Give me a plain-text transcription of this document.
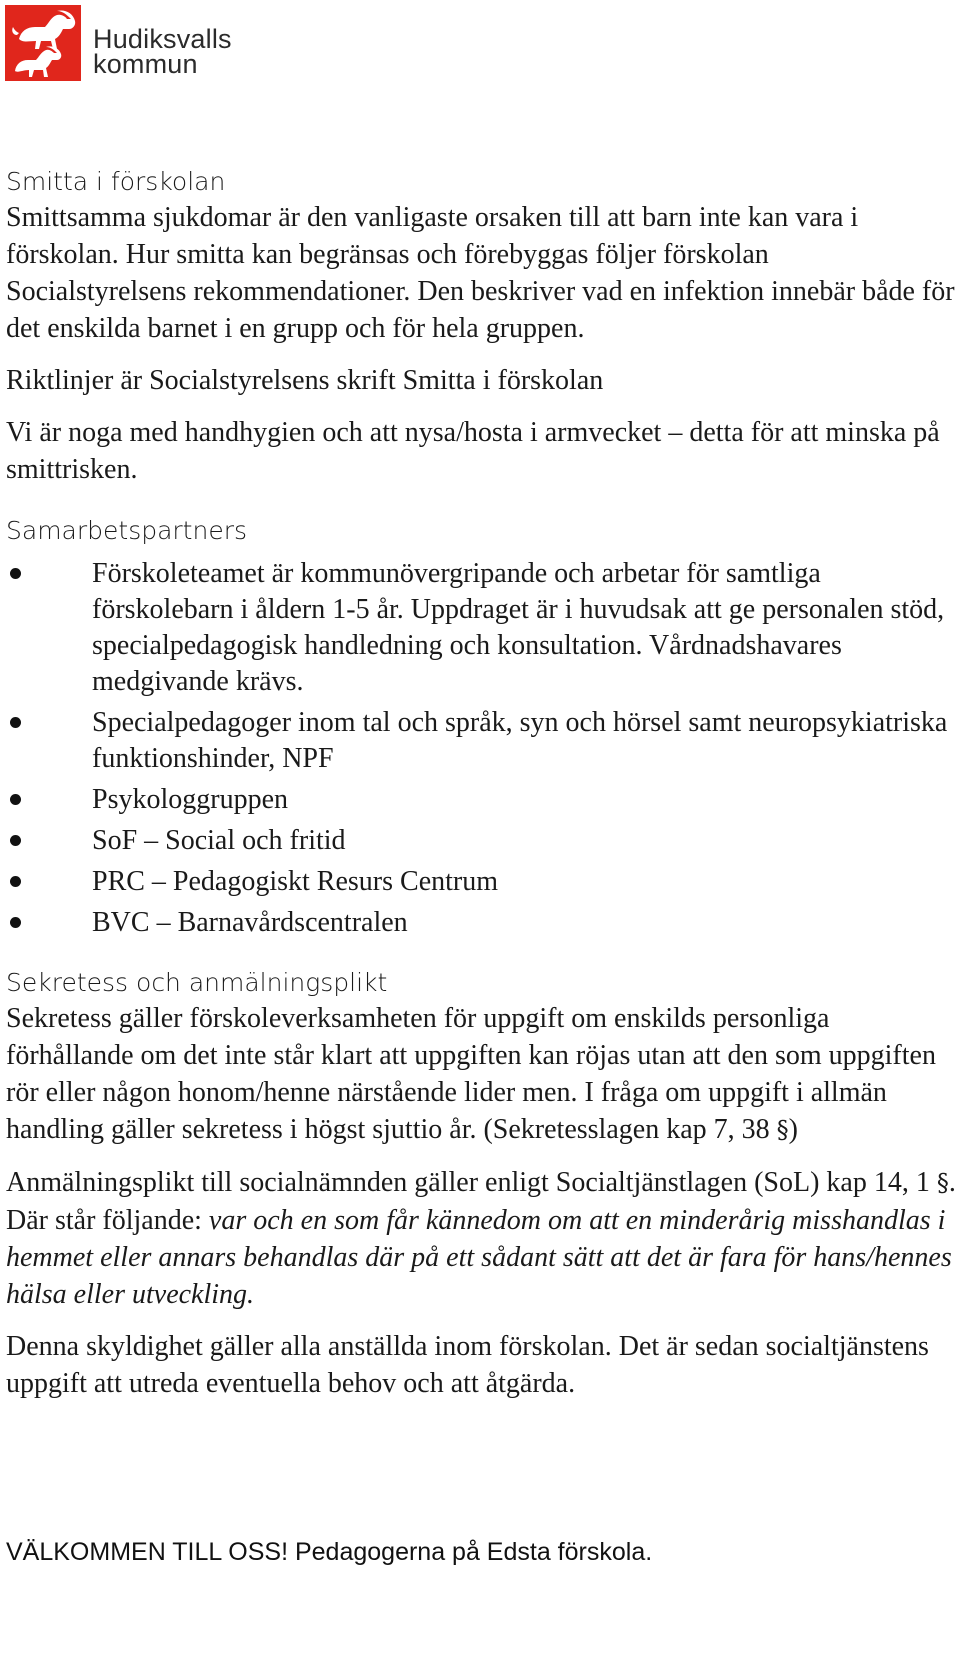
Hudiksvalls
kommun
Smitta i förskolan

Smittsamma sjukdomar är den vanligaste orsaken till att barn inte kan vara i förskolan. Hur smitta kan begränsas och förebyggas följer förskolan Socialstyrelsens rekommendationer. Den beskriver vad en infektion innebär både för det enskilda barnet i en grupp och för hela gruppen.

Riktlinjer är Socialstyrelsens skrift Smitta i förskolan

Vi är noga med handhygien och att nysa/hosta i armvecket – detta för att minska på smittrisken.

Samarbetspartners
Förskoleteamet är kommunövergripande och arbetar för samtliga förskolebarn i åldern 1-5 år. Uppdraget är i huvudsak att ge personalen stöd, specialpedagogisk handledning och konsultation. Vårdnadshavares medgivande krävs.
Specialpedagoger inom tal och språk, syn och hörsel samt neuropsykiatriska funktionshinder, NPF
Psykologgruppen
SoF – Social och fritid
PRC – Pedagogiskt Resurs Centrum
BVC – Barnavårdscentralen
Sekretess och anmälningsplikt

Sekretess gäller förskoleverksamheten för uppgift om enskilds personliga förhållande om det inte står klart att uppgiften kan röjas utan att den som uppgiften rör eller någon honom/henne närstående lider men. I fråga om uppgift i allmän handling gäller sekretess i högst sjuttio år. (Sekretesslagen kap 7, 38 §)

Anmälningsplikt till socialnämnden gäller enligt Socialtjänstlagen (SoL) kap 14, 1 §. Där står följande: var och en som får kännedom om att en minderårig misshandlas i hemmet eller annars behandlas där på ett sådant sätt att det är fara för hans/hennes hälsa eller utveckling.

Denna skyldighet gäller alla anställda inom förskolan. Det är sedan socialtjänstens uppgift att utreda eventuella behov och att åtgärda.

VÄLKOMMEN TILL OSS! Pedagogerna på Edsta förskola.
